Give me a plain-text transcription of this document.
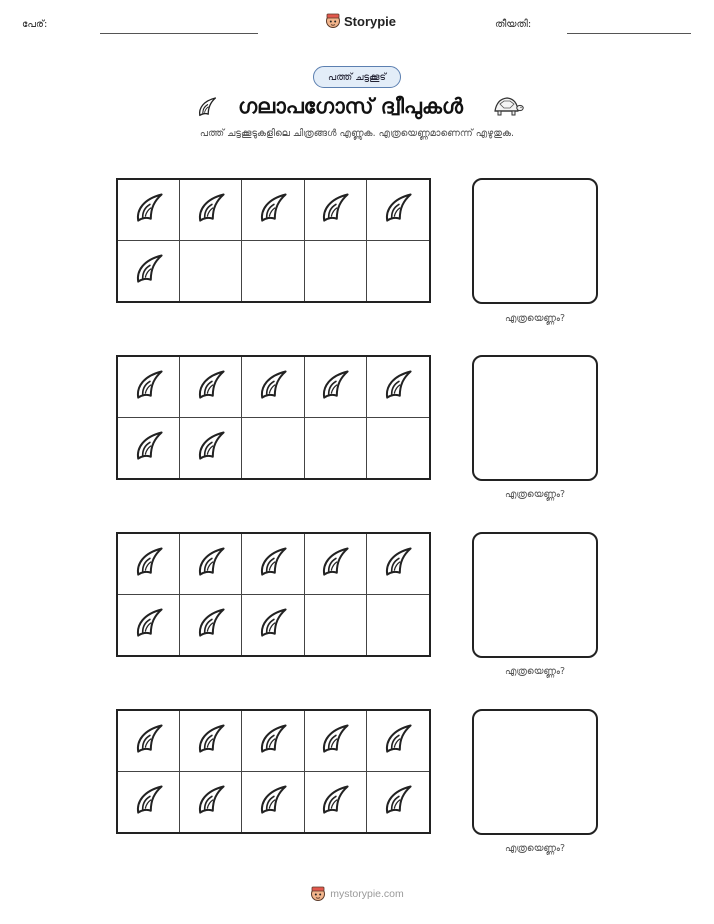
പേര്:	Storypie	തീയതി:
പത്ത് ചട്ടക്കൂട്
ഗലാപഗോസ് ദ്വീപുകൾ
പത്ത് ചട്ടക്കൂടുകളിലെ ചിത്രങ്ങൾ എണ്ണുക. എത്രയെണ്ണമാണെന്ന് എഴുതുക.
എത്രയെണ്ണം?
എത്രയെണ്ണം?
എത്രയെണ്ണം?
എത്രയെണ്ണം?
mystorypie.com
